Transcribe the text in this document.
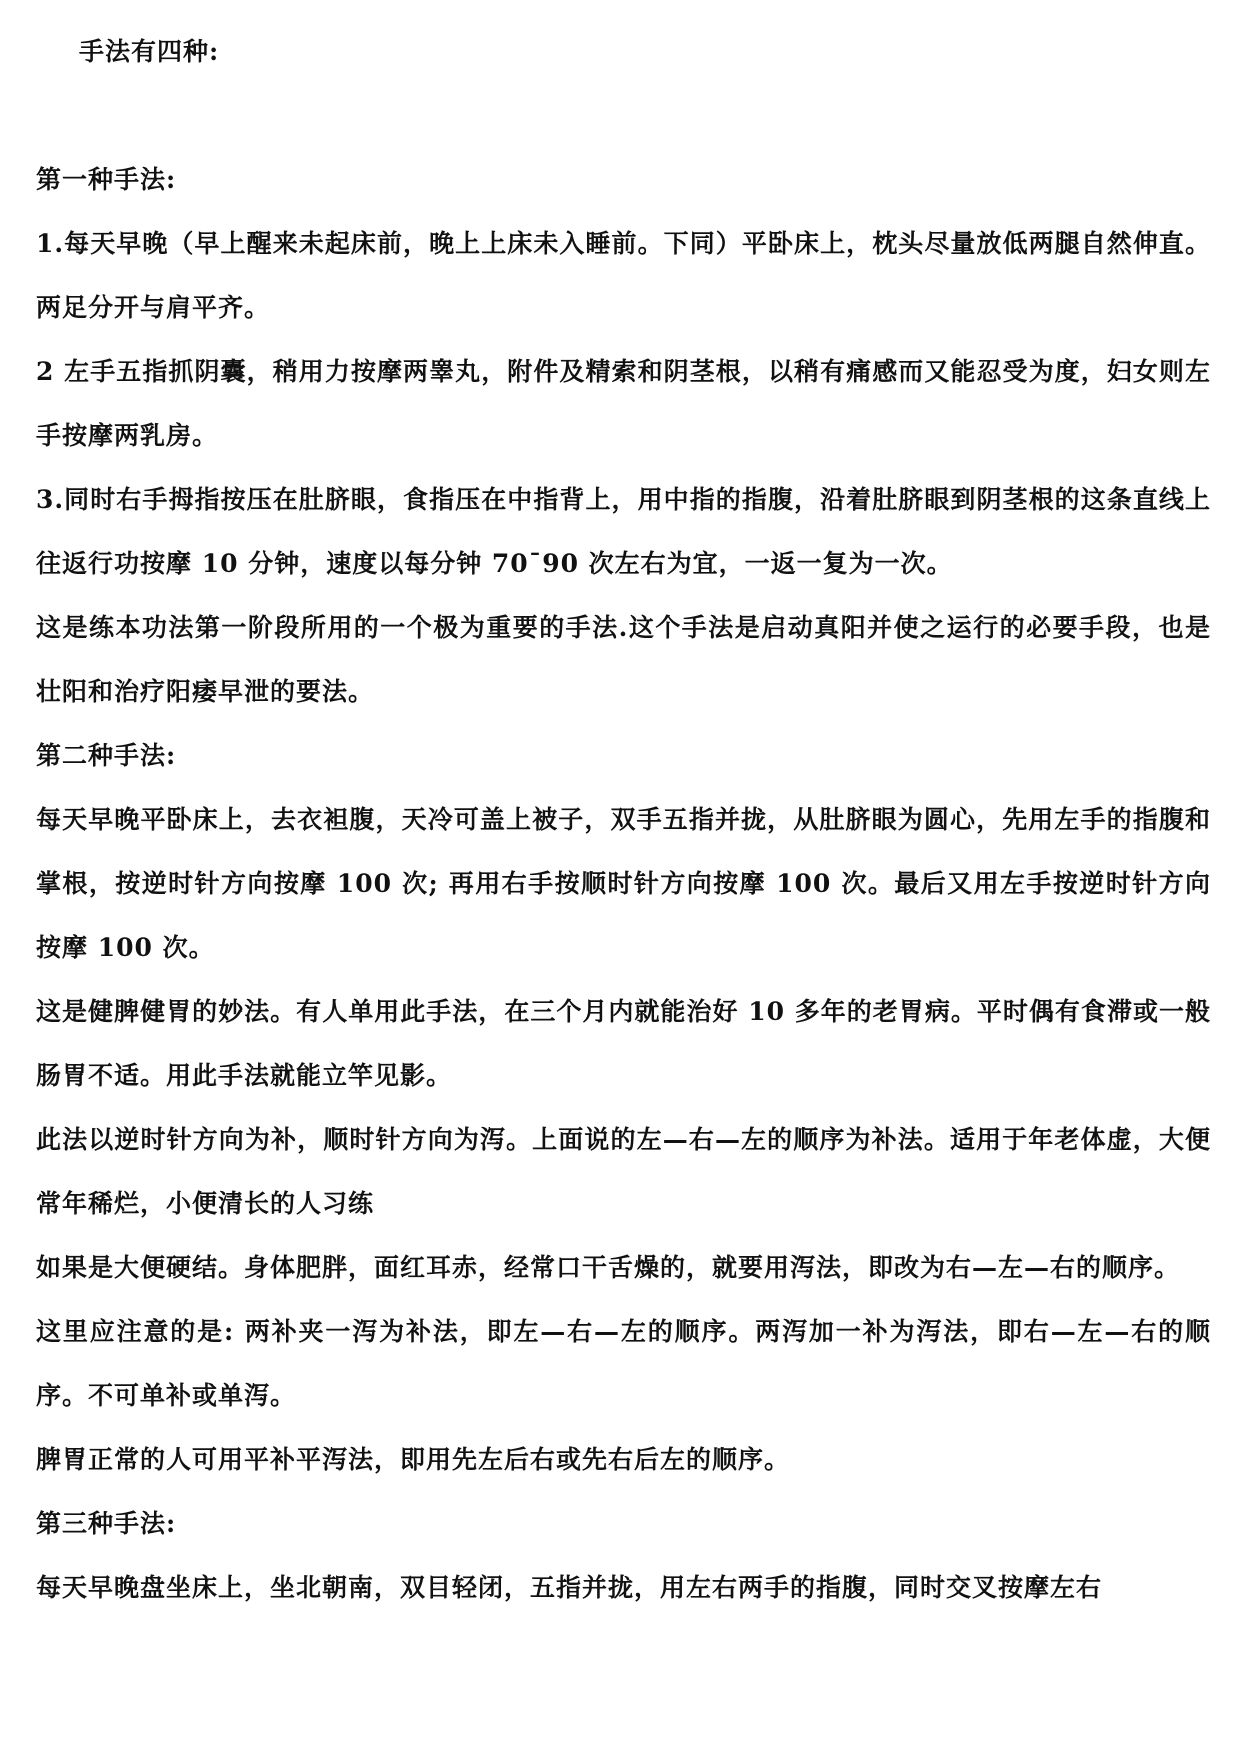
手法有四种:

第一种手法:

1.每天早晚（早上醒来未起床前，晚上上床未入睡前。下同）平卧床上，枕头尽量放低两腿自然伸直。两足分开与肩平齐。

2 左手五指抓阴囊，稍用力按摩两睾丸，附件及精索和阴茎根，以稍有痛感而又能忍受为度，妇女则左手按摩两乳房。

3.同时右手拇指按压在肚脐眼，食指压在中指背上，用中指的指腹，沿着肚脐眼到阴茎根的这条直线上往返行功按摩 10 分钟，速度以每分钟 70¯90 次左右为宜，一返一复为一次。

这是练本功法第一阶段所用的一个极为重要的手法.这个手法是启动真阳并使之运行的必要手段，也是壮阳和治疗阳痿早泄的要法。

第二种手法:

每天早晚平卧床上，去衣袒腹，天冷可盖上被子，双手五指并拢，从肚脐眼为圆心，先用左手的指腹和掌根，按逆时针方向按摩 100 次; 再用右手按顺时针方向按摩 100 次。最后又用左手按逆时针方向按摩 100 次。

这是健脾健胃的妙法。有人单用此手法，在三个月内就能治好 10 多年的老胃病。平时偶有食滞或一般肠胃不适。用此手法就能立竿见影。

此法以逆时针方向为补，顺时针方向为泻。上面说的左—右—左的顺序为补法。适用于年老体虚，大便常年稀烂，小便清长的人习练

如果是大便硬结。身体肥胖，面红耳赤，经常口干舌燥的，就要用泻法，即改为右—左—右的顺序。

这里应注意的是: 两补夹一泻为补法，即左—右—左的顺序。两泻加一补为泻法，即右—左—右的顺序。不可单补或单泻。

脾胃正常的人可用平补平泻法，即用先左后右或先右后左的顺序。

第三种手法:

每天早晚盘坐床上，坐北朝南，双目轻闭，五指并拢，用左右两手的指腹，同时交叉按摩左右
